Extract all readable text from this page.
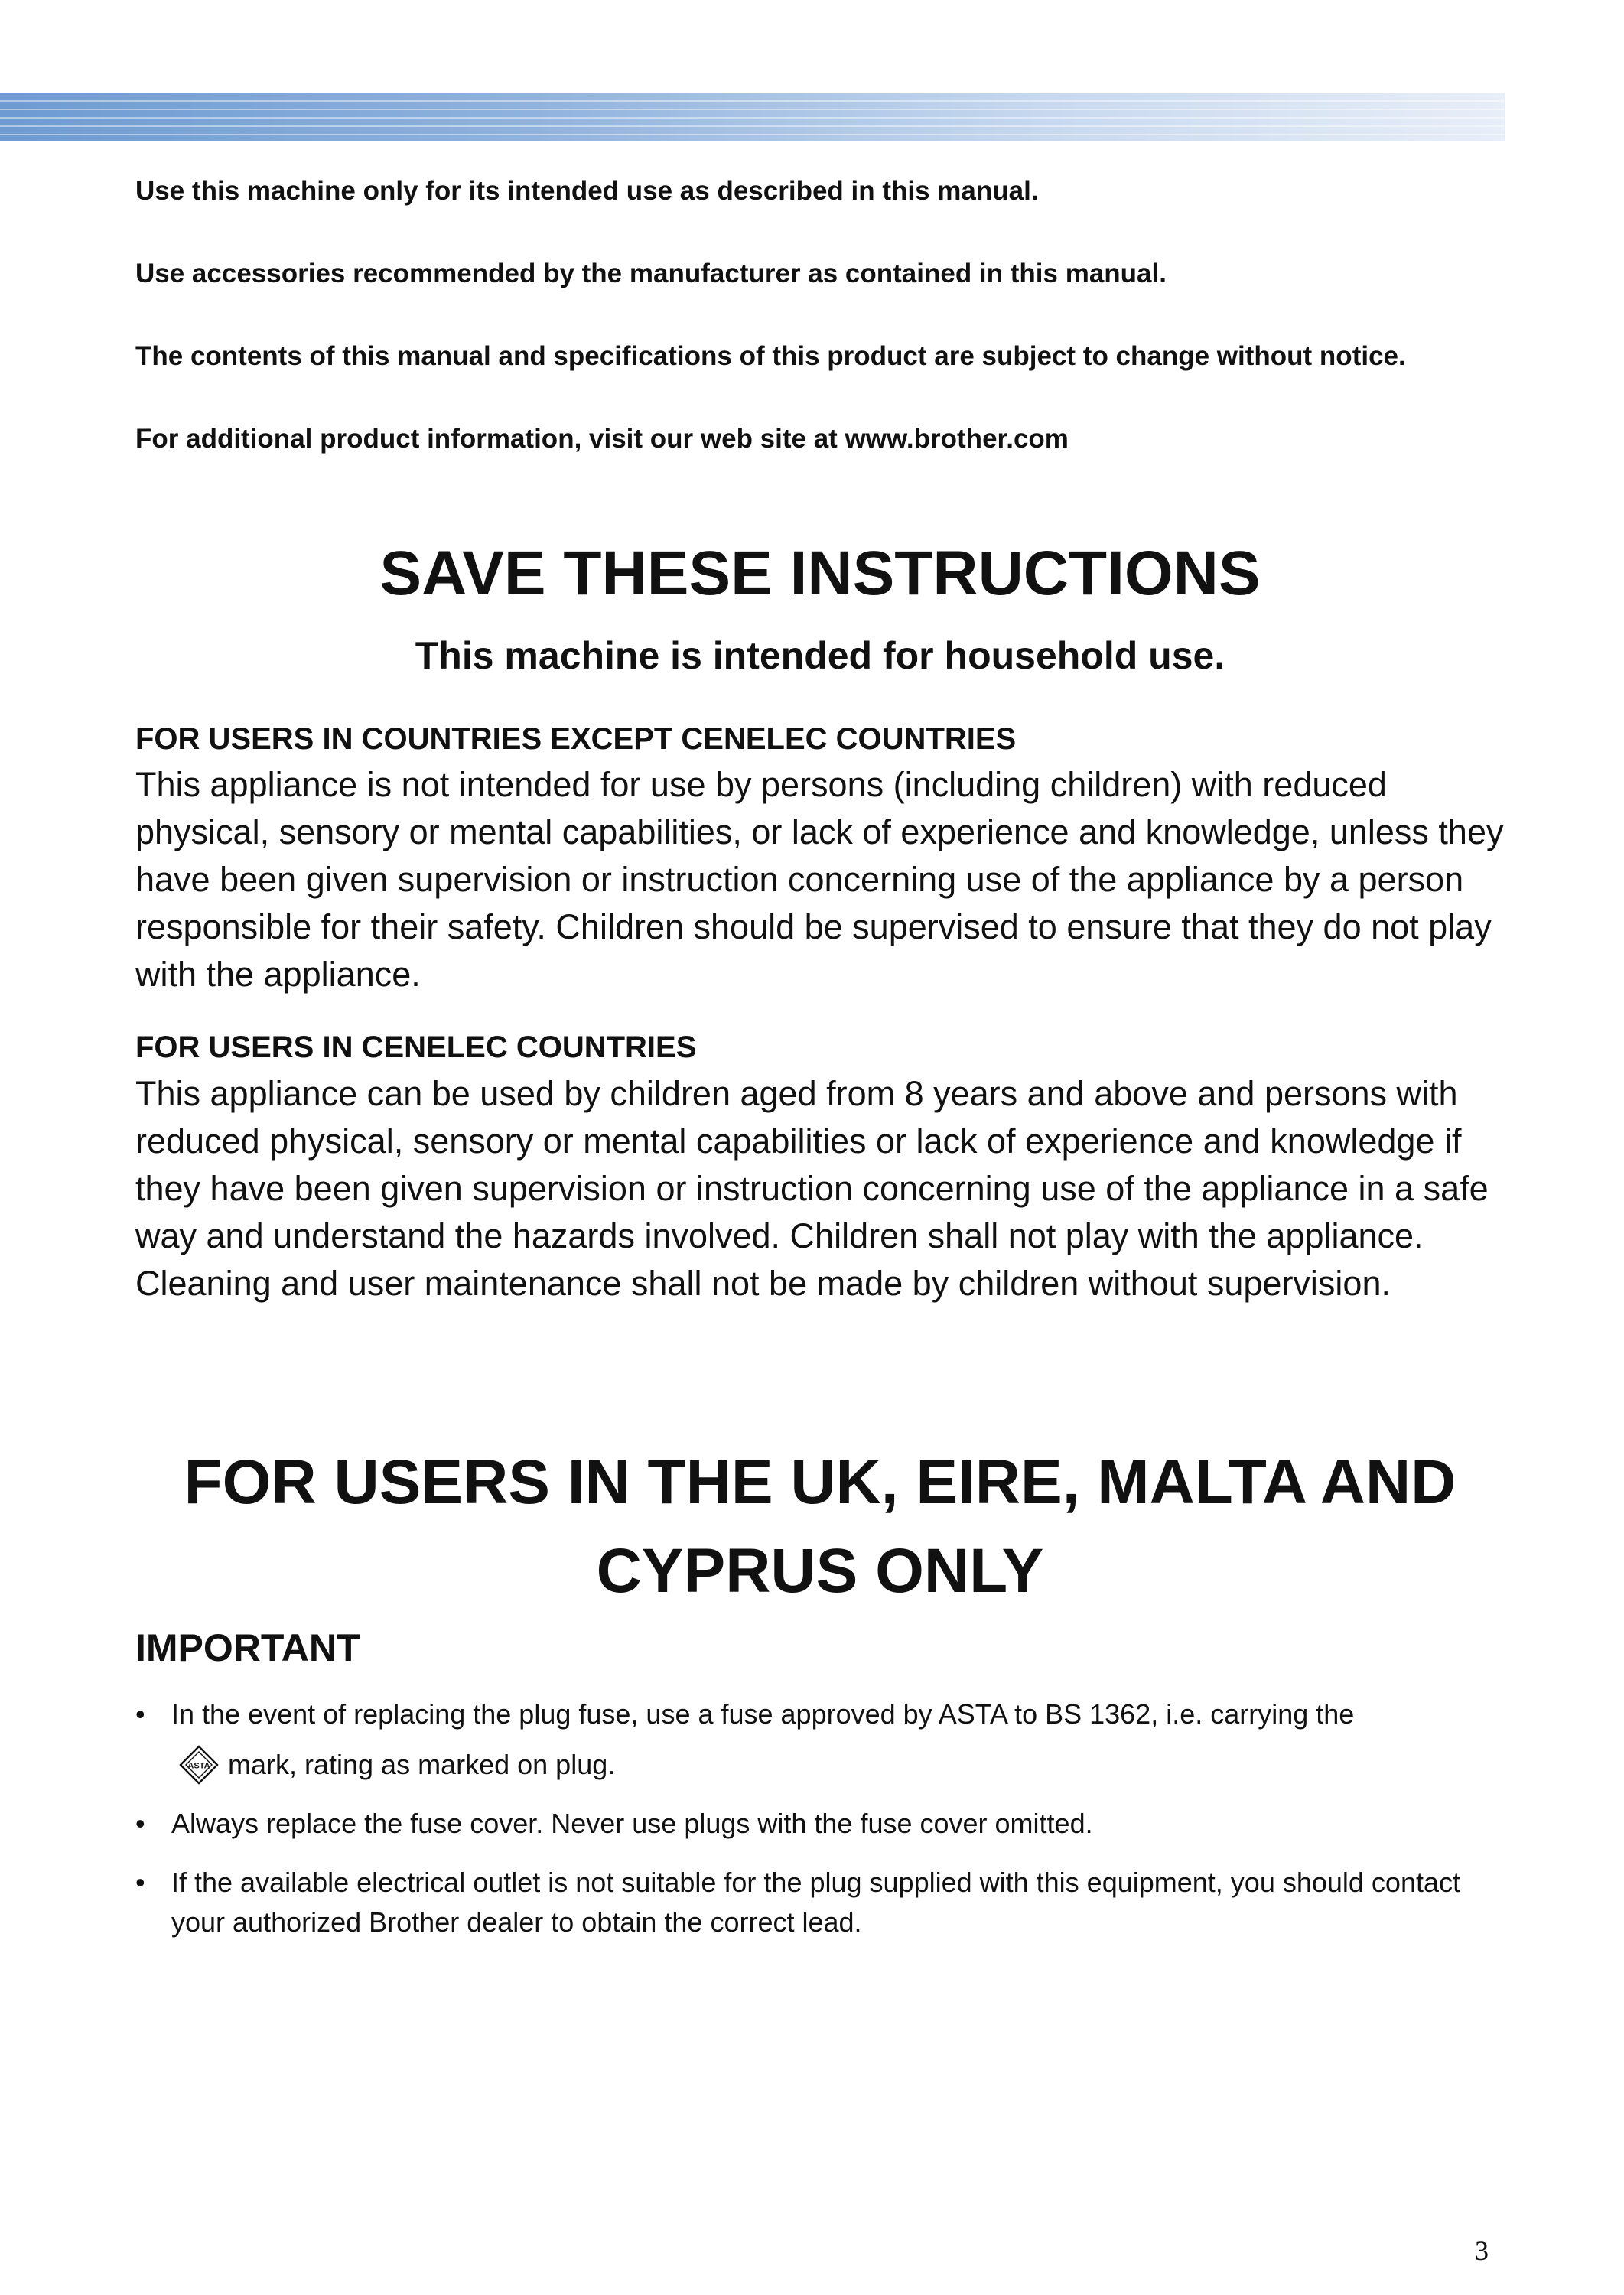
Use this machine only for its intended use as described in this manual.
Use accessories recommended by the manufacturer as contained in this manual.
The contents of this manual and specifications of this product are subject to change without notice.
For additional product information, visit our web site at www.brother.com
SAVE THESE INSTRUCTIONS
This machine is intended for household use.
FOR USERS IN COUNTRIES EXCEPT CENELEC COUNTRIES
This appliance is not intended for use by persons (including children) with reduced physical, sensory or mental capabilities, or lack of experience and knowledge, unless they have been given supervision or instruction concerning use of the appliance by a person responsible for their safety. Children should be supervised to ensure that they do not play with the appliance.
FOR USERS IN CENELEC COUNTRIES
This appliance can be used by children aged from 8 years and above and persons with reduced physical, sensory or mental capabilities or lack of experience and knowledge if they have been given supervision or instruction concerning use of the appliance in a safe way and understand the hazards involved. Children shall not play with the appliance. Cleaning and user maintenance shall not be made by children without supervision.
FOR USERS IN THE UK, EIRE, MALTA AND
CYPRUS ONLY
IMPORTANT
• In the event of replacing the plug fuse, use a fuse approved by ASTA to BS 1362, i.e. carrying the
ASTA mark, rating as marked on plug.
• Always replace the fuse cover. Never use plugs with the fuse cover omitted.
• If the available electrical outlet is not suitable for the plug supplied with this equipment, you should contact your authorized Brother dealer to obtain the correct lead.
3
